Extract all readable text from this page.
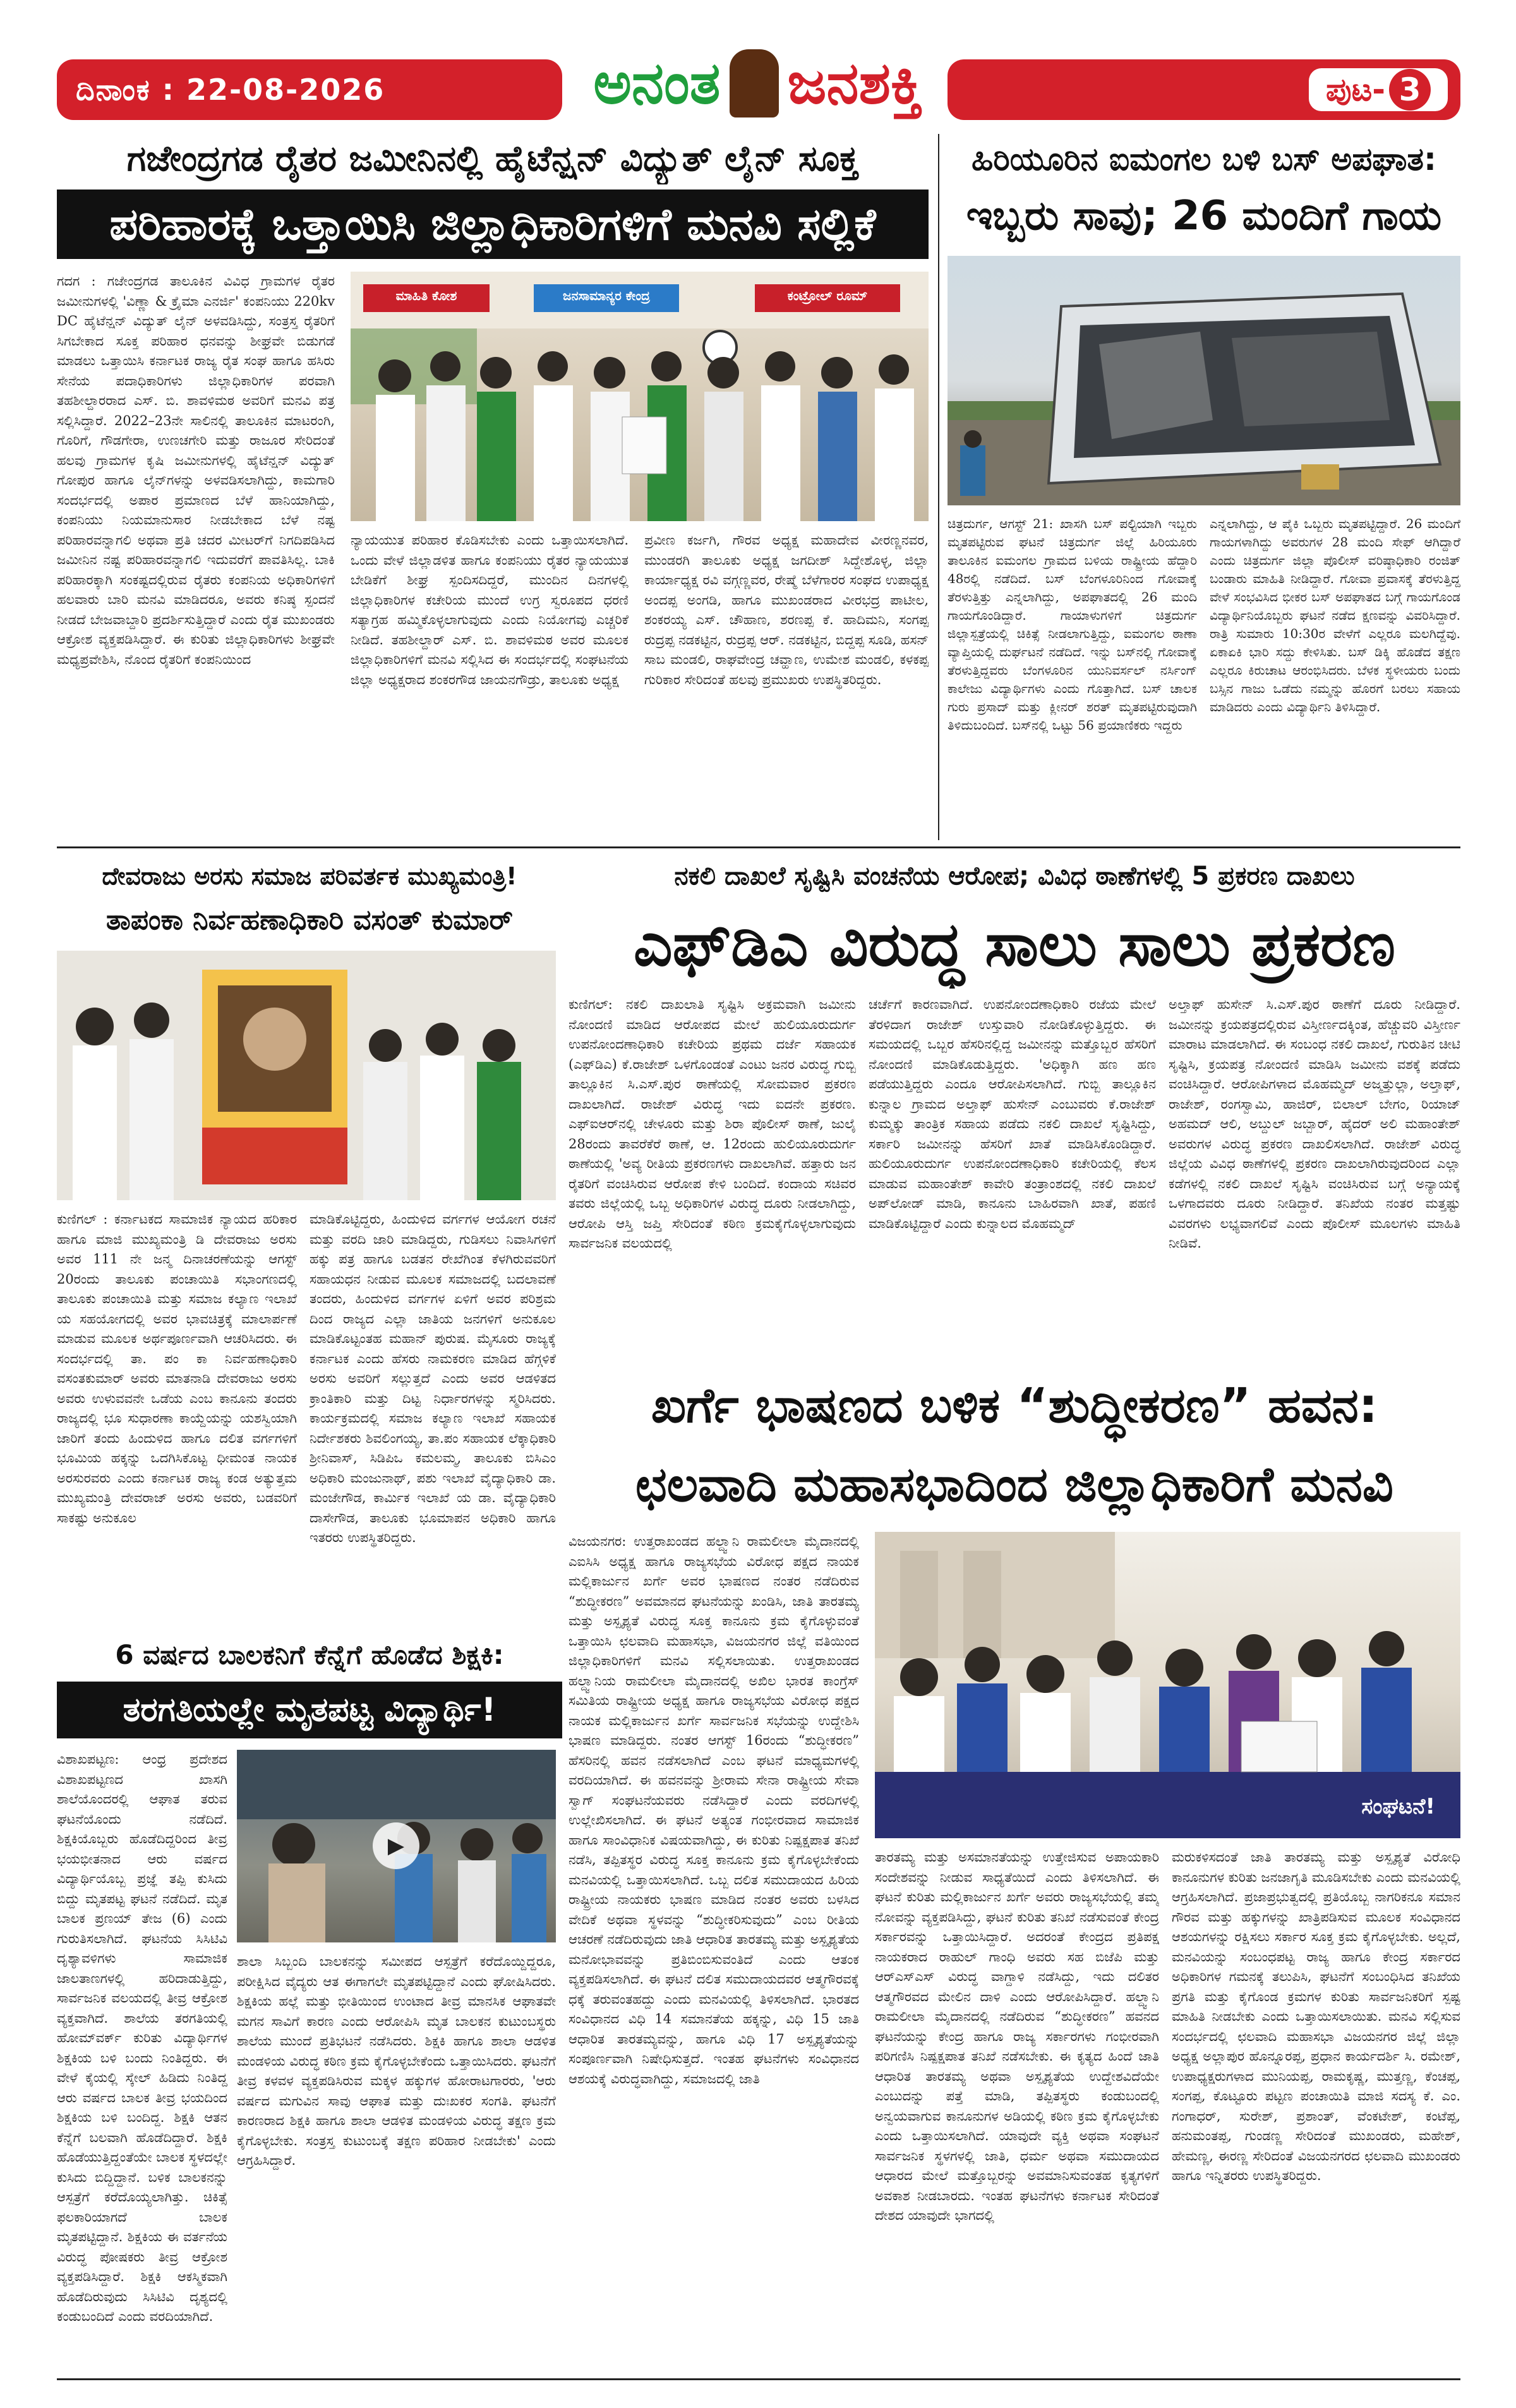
ದಿನಾಂಕ : 22-08-2026	ಅನಂತ ಜನಶಕ್ತಿ	ಪುಟ- 3
ಗಜೇಂದ್ರಗಡ ರೈತರ ಜಮೀನಿನಲ್ಲಿ ಹೈಟೆನ್ಷನ್ ವಿದ್ಯುತ್ ಲೈನ್ ಸೂಕ್ತ
ಪರಿಹಾರಕ್ಕೆ ಒತ್ತಾಯಿಸಿ ಜಿಲ್ಲಾಧಿಕಾರಿಗಳಿಗೆ ಮನವಿ ಸಲ್ಲಿಕೆ
ಗದಗ : ಗಜೇಂದ್ರಗಡ ತಾಲೂಕಿನ ವಿವಿಧ ಗ್ರಾಮಗಳ ರೈತರ ಜಮೀನುಗಳಲ್ಲಿ 'ವಿಣ್ಣಾ & ಕ್ರೈಮಾ ಎನರ್ಜಿ' ಕಂಪನಿಯು 220kv DC ಹೈಟೆನ್ಷನ್ ವಿದ್ಯುತ್ ಲೈನ್ ಅಳವಡಿಸಿದ್ದು, ಸಂತ್ರಸ್ತ ರೈತರಿಗೆ ಸಿಗಬೇಕಾದ ಸೂಕ್ತ ಪರಿಹಾರ ಧನವನ್ನು ಶೀಘ್ರವೇ ಬಿಡುಗಡೆ ಮಾಡಲು ಒತ್ತಾಯಿಸಿ ಕರ್ನಾಟಕ ರಾಜ್ಯ ರೈತ ಸಂಘ ಹಾಗೂ ಹಸಿರು ಸೇನೆಯ ಪದಾಧಿಕಾರಿಗಳು ಜಿಲ್ಲಾಧಿಕಾರಿಗಳ ಪರವಾಗಿ ತಹಶೀಲ್ದಾರರಾದ ಎಸ್. ಬಿ. ಶಾವಳಿಮಠ ಅವರಿಗೆ ಮನವಿ ಪತ್ರ ಸಲ್ಲಿಸಿದ್ದಾರೆ. 2022–23ನೇ ಸಾಲಿನಲ್ಲಿ ತಾಲೂಕಿನ ಮಾಟರಂಗಿ, ಗೊರಿಗೆ, ಗೌಡಗೇರಾ, ಉಣಚಗೇರಿ ಮತ್ತು ರಾಜೂರ ಸೇರಿದಂತೆ ಹಲವು ಗ್ರಾಮಗಳ ಕೃಷಿ ಜಮೀನುಗಳಲ್ಲಿ ಹೈಟೆನ್ಷನ್ ವಿದ್ಯುತ್ ಗೋಪುರ ಹಾಗೂ ಲೈನ್‌ಗಳನ್ನು ಅಳವಡಿಸಲಾಗಿದ್ದು, ಕಾಮಗಾರಿ ಸಂದರ್ಭದಲ್ಲಿ ಅಪಾರ ಪ್ರಮಾಣದ ಬೆಳೆ ಹಾನಿಯಾಗಿದ್ದು, ಕಂಪನಿಯು ನಿಯಮಾನುಸಾರ ನೀಡಬೇಕಾದ ಬೆಳೆ ನಷ್ಟ ಪರಿಹಾರವನ್ನಾಗಲಿ ಅಥವಾ ಪ್ರತಿ ಚದರ ಮೀಟರ್‌ಗೆ ನಿಗದಿಪಡಿಸಿದ ಜಮೀನಿನ ನಷ್ಟ ಪರಿಹಾರವನ್ನಾಗಲಿ ಇದುವರೆಗೆ ಪಾವತಿಸಿಲ್ಲ. ಬಾಕಿ ಪರಿಹಾರಕ್ಕಾಗಿ ಸಂಕಷ್ಟದಲ್ಲಿರುವ ರೈತರು ಕಂಪನಿಯ ಅಧಿಕಾರಿಗಳಿಗೆ ಹಲವಾರು ಬಾರಿ ಮನವಿ ಮಾಡಿದರೂ, ಅವರು ಕನಿಷ್ಠ ಸ್ಪಂದನೆ ನೀಡದೆ ಬೇಜವಾಬ್ದಾರಿ ಪ್ರದರ್ಶಿಸುತ್ತಿದ್ದಾರೆ ಎಂದು ರೈತ ಮುಖಂಡರು ಆಕ್ರೋಶ ವ್ಯಕ್ತಪಡಿಸಿದ್ದಾರೆ. ಈ ಕುರಿತು ಜಿಲ್ಲಾಧಿಕಾರಿಗಳು ಶೀಘ್ರವೇ ಮಧ್ಯಪ್ರವೇಶಿಸಿ, ನೊಂದ ರೈತರಿಗೆ ಕಂಪನಿಯಿಂದ
ಮಾಹಿತಿ ಕೋಶ	ಜನಸಾಮಾನ್ಯರ ಕೇಂದ್ರ	ಕಂಟ್ರೋಲ್ ರೂಮ್
ನ್ಯಾಯಯುತ ಪರಿಹಾರ ಕೊಡಿಸಬೇಕು ಎಂದು ಒತ್ತಾಯಿಸಲಾಗಿದೆ. ಒಂದು ವೇಳೆ ಜಿಲ್ಲಾಡಳಿತ ಹಾಗೂ ಕಂಪನಿಯು ರೈತರ ನ್ಯಾಯಯುತ ಬೇಡಿಕೆಗೆ ಶೀಘ್ರ ಸ್ಪಂದಿಸದಿದ್ದರೆ, ಮುಂದಿನ ದಿನಗಳಲ್ಲಿ ಜಿಲ್ಲಾಧಿಕಾರಿಗಳ ಕಚೇರಿಯ ಮುಂದೆ ಉಗ್ರ ಸ್ವರೂಪದ ಧರಣಿ ಸತ್ಯಾಗ್ರಹ ಹಮ್ಮಿಕೊಳ್ಳಲಾಗುವುದು ಎಂದು ನಿಯೋಗವು ಎಚ್ಚರಿಕೆ ನೀಡಿದೆ. ತಹಶೀಲ್ದಾರ್ ಎಸ್. ಬಿ. ಶಾವಳಿಮಠ ಅವರ ಮೂಲಕ ಜಿಲ್ಲಾಧಿಕಾರಿಗಳಿಗೆ ಮನವಿ ಸಲ್ಲಿಸಿದ ಈ ಸಂದರ್ಭದಲ್ಲಿ ಸಂಘಟನೆಯ ಜಿಲ್ಲಾ ಅಧ್ಯಕ್ಷರಾದ ಶಂಕರಗೌಡ ಜಾಯನಗೌಡ್ರು, ತಾಲೂಕು ಅಧ್ಯಕ್ಷ
ಪ್ರವೀಣ ಕರ್ಜಗಿ, ಗೌರವ ಅಧ್ಯಕ್ಷ ಮಹಾದೇವ ವೀರಣ್ಣನವರ, ಮುಂಡರಗಿ ತಾಲೂಕು ಅಧ್ಯಕ್ಷ ಜಗದೀಶ್ ಸಿದ್ದೇಶೊಳ್ಳ, ಜಿಲ್ಲಾ ಕಾರ್ಯಾಧ್ಯಕ್ಷ ರವಿ ವಗ್ಗಣ್ಣವರ, ರೇಷ್ಮೆ ಬೆಳೆಗಾರರ ಸಂಘದ ಉಪಾಧ್ಯಕ್ಷ ಅಂದಪ್ಪ ಅಂಗಡಿ, ಹಾಗೂ ಮುಖಂಡರಾದ ವೀರಭದ್ರ ಪಾಟೀಲ, ಶಂಕರಯ್ಯ ಎಸ್. ಚೌಹಾಣ, ಶರಣಪ್ಪ ಕೆ. ಹಾದಿಮನಿ, ಸಂಗಪ್ಪ ರುದ್ರಪ್ಪ ನಡಕಟ್ಟಿನ, ರುದ್ರಪ್ಪ ಆರ್. ನಡಕಟ್ಟಿನ, ಬಿದ್ದಪ್ಪ ಸೂಡಿ, ಹಸನ್ ಸಾಬ ಮಂಡಲಿ, ರಾಘವೇಂದ್ರ ಚವ್ಹಾಣ, ಉಮೇಶ ಮಂಡಲಿ, ಕಳಕಪ್ಪ ಗುರಿಕಾರ ಸೇರಿದಂತೆ ಹಲವು ಪ್ರಮುಖರು ಉಪಸ್ಥಿತರಿದ್ದರು.
ಹಿರಿಯೂರಿನ ಐಮಂಗಲ ಬಳಿ ಬಸ್ ಅಪಘಾತ:
ಇಬ್ಬರು ಸಾವು; 26 ಮಂದಿಗೆ ಗಾಯ
ಚಿತ್ರದುರ್ಗ, ಆಗಸ್ಟ್ 21: ಖಾಸಗಿ ಬಸ್ ಪಲ್ಟಿಯಾಗಿ ಇಬ್ಬರು ಮೃತಪಟ್ಟಿರುವ ಘಟನೆ ಚಿತ್ರದುರ್ಗ ಜಿಲ್ಲೆ ಹಿರಿಯೂರು ತಾಲೂಕಿನ ಐಮಂಗಲ ಗ್ರಾಮದ ಬಳಿಯ ರಾಷ್ಟ್ರೀಯ ಹೆದ್ದಾರಿ 48ರಲ್ಲಿ ನಡೆದಿದೆ. ಬಸ್ ಬೆಂಗಳೂರಿನಿಂದ ಗೋವಾಕ್ಕೆ ತೆರಳುತ್ತಿತ್ತು ಎನ್ನಲಾಗಿದ್ದು, ಅಪಘಾತದಲ್ಲಿ 26 ಮಂದಿ ಗಾಯಗೊಂಡಿದ್ದಾರೆ. ಗಾಯಾಳುಗಳಿಗೆ ಚಿತ್ರದುರ್ಗ ಜಿಲ್ಲಾಸ್ಪತ್ರೆಯಲ್ಲಿ ಚಿಕಿತ್ಸೆ ನೀಡಲಾಗುತ್ತಿದ್ದು, ಐಮಂಗಲ ಠಾಣಾ ವ್ಯಾಪ್ತಿಯಲ್ಲಿ ದುರ್ಘಟನೆ ನಡೆದಿದೆ. ಇನ್ನು ಬಸ್‌ನಲ್ಲಿ ಗೋವಾಕ್ಕೆ ತೆರಳುತ್ತಿದ್ದವರು ಬೆಂಗಳೂರಿನ ಯುನಿವರ್ಸಲ್ ನರ್ಸಿಂಗ್ ಕಾಲೇಜು ವಿದ್ಯಾರ್ಥಿಗಳು ಎಂದು ಗೊತ್ತಾಗಿದೆ. ಬಸ್ ಚಾಲಕ ಗುರು ಪ್ರಸಾದ್ ಮತ್ತು ಕ್ಲೀನರ್ ಶರತ್ ಮೃತಪಟ್ಟಿರುವುದಾಗಿ ತಿಳಿದುಬಂದಿದೆ. ಬಸ್‌ನಲ್ಲಿ ಒಟ್ಟು 56 ಪ್ರಯಾಣಿಕರು ಇದ್ದರು
ಎನ್ನಲಾಗಿದ್ದು, ಆ ಪೈಕಿ ಒಬ್ಬರು ಮೃತಪಟ್ಟಿದ್ದಾರೆ. 26 ಮಂದಿಗೆ ಗಾಯಗಳಾಗಿದ್ದು ಅವರುಗಳ 28 ಮಂದಿ ಸೇಫ್ ಆಗಿದ್ದಾರೆ ಎಂದು ಚಿತ್ರದುರ್ಗ ಜಿಲ್ಲಾ ಪೊಲೀಸ್ ವರಿಷ್ಠಾಧಿಕಾರಿ ರಂಜಿತ್ ಬಂಡಾರು ಮಾಹಿತಿ ನೀಡಿದ್ದಾರೆ. ಗೋವಾ ಪ್ರವಾಸಕ್ಕೆ ತೆರಳುತ್ತಿದ್ದ ವೇಳೆ ಸಂಭವಿಸಿದ ಭೀಕರ ಬಸ್ ಅಪಘಾತದ ಬಗ್ಗೆ ಗಾಯಗೊಂಡ ವಿದ್ಯಾರ್ಥಿನಿಯೊಬ್ಬರು ಘಟನೆ ನಡೆದ ಕ್ಷಣವನ್ನು ವಿವರಿಸಿದ್ದಾರೆ. ರಾತ್ರಿ ಸುಮಾರು 10:30ರ ವೇಳೆಗೆ ಎಲ್ಲರೂ ಮಲಗಿದ್ದೆವು. ಏಕಾಏಕಿ ಭಾರಿ ಸದ್ದು ಕೇಳಿಸಿತು. ಬಸ್ ಡಿಕ್ಕಿ ಹೊಡೆದ ತಕ್ಷಣ ಎಲ್ಲರೂ ಕಿರುಚಾಟ ಆರಂಭಿಸಿದರು. ಬೆಳಕ ಸ್ಥಳೀಯರು ಬಂದು ಬಸ್ಸಿನ ಗಾಜು ಒಡೆದು ನಮ್ಮನ್ನು ಹೊರಗೆ ಬರಲು ಸಹಾಯ ಮಾಡಿದರು ಎಂದು ವಿದ್ಯಾರ್ಥಿನಿ ತಿಳಿಸಿದ್ದಾರೆ.
ದೇವರಾಜು ಅರಸು ಸಮಾಜ ಪರಿವರ್ತಕ ಮುಖ್ಯಮಂತ್ರಿ!
ತಾಪಂಕಾ ನಿರ್ವಹಣಾಧಿಕಾರಿ ವಸಂತ್ ಕುಮಾರ್
ಕುಣಿಗಲ್ : ಕರ್ನಾಟಕದ ಸಾಮಾಜಿಕ ನ್ಯಾಯದ ಹರಿಕಾರ ಹಾಗೂ ಮಾಜಿ ಮುಖ್ಯಮಂತ್ರಿ ಡಿ ದೇವರಾಜು ಅರಸು ಅವರ 111 ನೇ ಜನ್ಮ ದಿನಾಚರಣೆಯನ್ನು ಆಗಸ್ಟ್ 20ರಂದು ತಾಲೂಕು ಪಂಚಾಯಿತಿ ಸಭಾಂಗಣದಲ್ಲಿ ತಾಲೂಕು ಪಂಚಾಯಿತಿ ಮತ್ತು ಸಮಾಜ ಕಲ್ಯಾಣ ಇಲಾಖೆ ಯ ಸಹಯೋಗದಲ್ಲಿ ಅವರ ಭಾವಚಿತ್ರಕ್ಕೆ ಮಾಲಾರ್ಪಣೆ ಮಾಡುವ ಮೂಲಕ ಅರ್ಥಪೂರ್ಣವಾಗಿ ಆಚರಿಸಿದರು. ಈ ಸಂದರ್ಭದಲ್ಲಿ ತಾ. ಪಂ ಕಾ ನಿರ್ವಹಣಾಧಿಕಾರಿ ವಸಂತಕುಮಾರ್ ಅವರು ಮಾತನಾಡಿ ದೇವರಾಜು ಅರಸು ಅವರು ಉಳುವವನೇ ಒಡೆಯ ಎಂಬ ಕಾನೂನು ತಂದರು ರಾಜ್ಯದಲ್ಲಿ ಭೂ ಸುಧಾರಣಾ ಕಾಯ್ದೆಯನ್ನು ಯಶಸ್ವಿಯಾಗಿ ಜಾರಿಗೆ ತಂದು ಹಿಂದುಳಿದ ಹಾಗೂ ದಲಿತ ವರ್ಗಗಳಿಗೆ ಭೂಮಿಯ ಹಕ್ಕನ್ನು ಒದಗಿಸಿಕೊಟ್ಟ ಧೀಮಂತ ನಾಯಕ ಅರಸುರವರು ಎಂದು ಕರ್ನಾಟಕ ರಾಜ್ಯ ಕಂಡ ಅತ್ಯುತ್ತಮ ಮುಖ್ಯಮಂತ್ರಿ ದೇವರಾಜ್ ಅರಸು ಅವರು, ಬಡವರಿಗೆ ಸಾಕಷ್ಟು ಅನುಕೂಲ
ಮಾಡಿಕೊಟ್ಟಿದ್ದರು, ಹಿಂದುಳಿದ ವರ್ಗಗಳ ಆಯೋಗ ರಚನೆ ಮತ್ತು ವರದಿ ಜಾರಿ ಮಾಡಿದ್ದರು, ಗುಡಿಸಲು ನಿವಾಸಿಗಳಿಗೆ ಹಕ್ಕು ಪತ್ರ ಹಾಗೂ ಬಡತನ ರೇಖೆಗಿಂತ ಕೆಳಗಿರುವವರಿಗೆ ಸಹಾಯಧನ ನೀಡುವ ಮೂಲಕ ಸಮಾಜದಲ್ಲಿ ಬದಲಾವಣೆ ತಂದರು, ಹಿಂದುಳಿದ ವರ್ಗಗಳ ಏಳಿಗೆ ಅವರ ಪರಿಶ್ರಮ ದಿಂದ ರಾಜ್ಯದ ಎಲ್ಲಾ ಜಾತಿಯ ಜನಗಳಿಗೆ ಅನುಕೂಲ ಮಾಡಿಕೊಟ್ಟಂತಹ ಮಹಾನ್ ಪುರುಷ. ಮೈಸೂರು ರಾಜ್ಯಕ್ಕೆ ಕರ್ನಾಟಕ ಎಂದು ಹೆಸರು ನಾಮಕರಣ ಮಾಡಿದ ಹೆಗ್ಗಳಿಕೆ ಅರಸು ಅವರಿಗೆ ಸಲ್ಲುತ್ತದೆ ಎಂದು ಅವರ ಆಡಳಿತದ ಕ್ರಾಂತಿಕಾರಿ ಮತ್ತು ದಿಟ್ಟ ನಿರ್ಧಾರಗಳನ್ನು ಸ್ಮರಿಸಿದರು. ಕಾರ್ಯಕ್ರಮದಲ್ಲಿ ಸಮಾಜ ಕಲ್ಯಾಣ ಇಲಾಖೆ ಸಹಾಯಕ ನಿರ್ದೇಶಕರು ಶಿವಲಿಂಗಯ್ಯ, ತಾ.ಪಂ ಸಹಾಯಕ ಲೆಕ್ಕಾಧಿಕಾರಿ ಶ್ರೀನಿವಾಸ್, ಸಿಡಿಪಿಒ ಕಮಲಮ್ಮ, ತಾಲೂಕು ಬಿಸಿಎಂ ಅಧಿಕಾರಿ ಮಂಜುನಾಥ್, ಪಶು ಇಲಾಖೆ ವೈದ್ಯಾಧಿಕಾರಿ ಡಾ. ಮಂಜೇಗೌಡ, ಕಾರ್ಮಿಕ ಇಲಾಖೆ ಯ ಡಾ. ವೈದ್ಯಾಧಿಕಾರಿ ದಾಸೇಗೌಡ, ತಾಲೂಕು ಭೂಮಾಪನ ಅಧಿಕಾರಿ ಹಾಗೂ ಇತರರು ಉಪಸ್ಥಿತರಿದ್ದರು.
ನಕಲಿ ದಾಖಲೆ ಸೃಷ್ಟಿಸಿ ವಂಚನೆಯ ಆರೋಪ; ವಿವಿಧ ಠಾಣೆಗಳಲ್ಲಿ 5 ಪ್ರಕರಣ ದಾಖಲು
ಎಫ್‌ಡಿಎ ವಿರುದ್ಧ ಸಾಲು ಸಾಲು ಪ್ರಕರಣ
ಕುಣಿಗಲ್: ನಕಲಿ ದಾಖಲಾತಿ ಸೃಷ್ಟಿಸಿ ಅಕ್ರಮವಾಗಿ ಜಮೀನು ನೋಂದಣಿ ಮಾಡಿದ ಆರೋಪದ ಮೇಲೆ ಹುಲಿಯೂರುದುರ್ಗ ಉಪನೋಂದಣಾಧಿಕಾರಿ ಕಚೇರಿಯ ಪ್ರಥಮ ದರ್ಜೆ ಸಹಾಯಕ (ಎಫ್‌ಡಿಎ) ಕೆ.ರಾಜೇಶ್ ಒಳಗೊಂಡಂತೆ ಎಂಟು ಜನರ ವಿರುದ್ಧ ಗುಬ್ಬಿ ತಾಲ್ಲೂಕಿನ ಸಿ.ಎಸ್.ಪುರ ಠಾಣೆಯಲ್ಲಿ ಸೋಮವಾರ ಪ್ರಕರಣ ದಾಖಲಾಗಿದೆ. ರಾಜೇಶ್ ವಿರುದ್ಧ ಇದು ಐದನೇ ಪ್ರಕರಣ. ಎಫ್ಐಆರ್‌ನಲ್ಲಿ ಚೇಳೂರು ಮತ್ತು ಶಿರಾ ಪೊಲೀಸ್ ಠಾಣೆ, ಜುಲೈ 28ರಂದು ತಾವರೆಕೆರೆ ಠಾಣೆ, ಆ. 12ರಂದು ಹುಲಿಯೂರುದುರ್ಗ ಠಾಣೆಯಲ್ಲಿ 'ಅವ್ಯ ರೀತಿಯ ಪ್ರಕರಣಗಳು ದಾಖಲಾಗಿವೆ. ಹತ್ತಾರು ಜನ ರೈತರಿಗೆ ವಂಚಿಸಿರುವ ಆರೋಪ ಕೇಳಿ ಬಂದಿದೆ. ಕಂದಾಯ ಸಚಿವರ ತವರು ಜಿಲ್ಲೆಯಲ್ಲಿ ಒಬ್ಬ ಅಧಿಕಾರಿಗಳ ವಿರುದ್ಧ ದೂರು ನೀಡಲಾಗಿದ್ದು, ಆರೋಪಿ ಆಸ್ತಿ ಜಪ್ತಿ ಸೇರಿದಂತೆ ಕಠಿಣ ಕ್ರಮಕೈಗೊಳ್ಳಲಾಗುವುದು ಸಾರ್ವಜನಿಕ ವಲಯದಲ್ಲಿ
ಚರ್ಚೆಗೆ ಕಾರಣವಾಗಿದೆ. ಉಪನೋಂದಣಾಧಿಕಾರಿ ರಜೆಯ ಮೇಲೆ ತೆರಳಿದಾಗ ರಾಜೇಶ್ ಉಸ್ತುವಾರಿ ನೋಡಿಕೊಳ್ಳುತ್ತಿದ್ದರು. ಈ ಸಮಯದಲ್ಲಿ ಒಬ್ಬರ ಹೆಸರಿನಲ್ಲಿದ್ದ ಜಮೀನನ್ನು ಮತ್ತೊಬ್ಬರ ಹೆಸರಿಗೆ ನೋಂದಣಿ ಮಾಡಿಕೊಡುತ್ತಿದ್ದರು. 'ಅಧಿಕ್ಕಾಗಿ ಹಣ ಹಣ ಪಡೆಯುತ್ತಿದ್ದರು ಎಂದೂ ಆರೋಪಿಸಲಾಗಿದೆ. ಗುಬ್ಬಿ ತಾಲ್ಲೂಕಿನ ಕುನ್ನಾಲ ಗ್ರಾಮದ ಅಲ್ತಾಫ್ ಹುಸೇನ್ ಎಂಬುವರು ಕೆ.ರಾಜೇಶ್ ಕುಮ್ಮಕ್ಕು ತಾಂತ್ರಿಕ ಸಹಾಯ ಪಡೆದು ನಕಲಿ ದಾಖಲೆ ಸೃಷ್ಟಿಸಿದ್ದು, ಸರ್ಕಾರಿ ಜಮೀನನ್ನು ಹೆಸರಿಗೆ ಖಾತೆ ಮಾಡಿಸಿಕೊಂಡಿದ್ದಾರೆ. ಹುಲಿಯೂರುದುರ್ಗ ಉಪನೋಂದಣಾಧಿಕಾರಿ ಕಚೇರಿಯಲ್ಲಿ ಕೆಲಸ ಮಾಡುವ ಮಹಾಂತೇಶ್ ಕಾವೇರಿ ತಂತ್ರಾಂಶದಲ್ಲಿ ನಕಲಿ ದಾಖಲೆ ಅಪ್‌ಲೋಡ್ ಮಾಡಿ, ಕಾನೂನು ಬಾಹಿರವಾಗಿ ಖಾತೆ, ಪಹಣಿ ಮಾಡಿಕೊಟ್ಟಿದ್ದಾರೆ ಎಂದು ಕುನ್ನಾಲದ ಮೊಹಮ್ಮದ್
ಅಲ್ತಾಫ್ ಹುಸೇನ್ ಸಿ.ಎಸ್.ಪುರ ಠಾಣೆಗೆ ದೂರು ನೀಡಿದ್ದಾರೆ. ಜಮೀನನ್ನು ಕ್ರಯಪತ್ರದಲ್ಲಿರುವ ವಿಸ್ತೀರ್ಣದಕ್ಕಿಂತ, ಹೆಚ್ಚುವರಿ ವಿಸ್ತೀರ್ಣ ಮಾರಾಟ ಮಾಡಲಾಗಿದೆ. ಈ ಸಂಬಂಧ ನಕಲಿ ದಾಖಲೆ, ಗುರುತಿನ ಚೀಟಿ ಸೃಷ್ಟಿಸಿ, ಕ್ರಯಪತ್ರ ನೋಂದಣಿ ಮಾಡಿಸಿ ಜಮೀನು ವಶಕ್ಕೆ ಪಡೆದು ವಂಚಿಸಿದ್ದಾರೆ. ಆರೋಪಿಗಳಾದ ಮೊಹಮ್ಮದ್ ಅಜ್ಮತ್ತುಲ್ಲಾ, ಅಲ್ತಾಫ್, ರಾಜೇಶ್, ರಂಗಸ್ವಾಮಿ, ಹಾಜಿರ್, ಬಿಲಾಲ್ ಬೇಗಂ, ರಿಯಾಜ್ ಅಹಮದ್ ಆಲಿ, ಅಬ್ದುಲ್ ಜಬ್ಬಾರ್, ಹೈದರ್ ಅಲಿ ಮಹಾಂತೇಶ್ ಅವರುಗಳ ವಿರುದ್ಧ ಪ್ರಕರಣ ದಾಖಲಿಸಲಾಗಿದೆ. ರಾಜೇಶ್ ವಿರುದ್ಧ ಜಿಲ್ಲೆಯ ವಿವಿಧ ಠಾಣೆಗಳಲ್ಲಿ ಪ್ರಕರಣ ದಾಖಲಾಗಿರುವುದರಿಂದ ಎಲ್ಲಾ ಕಡೆಗಳಲ್ಲಿ ನಕಲಿ ದಾಖಲೆ ಸೃಷ್ಟಿಸಿ ವಂಚಿಸಿರುವ ಬಗ್ಗೆ ಅನ್ಯಾಯಕ್ಕೆ ಒಳಗಾದವರು ದೂರು ನೀಡಿದ್ದಾರೆ. ತನಿಖೆಯ ನಂತರ ಮತ್ತಷ್ಟು ವಿವರಗಳು ಲಭ್ಯವಾಗಲಿವೆ ಎಂದು ಪೊಲೀಸ್ ಮೂಲಗಳು ಮಾಹಿತಿ ನೀಡಿವೆ.
ಖರ್ಗೆ ಭಾಷಣದ ಬಳಿಕ “ಶುದ್ಧೀಕರಣ” ಹವನ:
ಛಲವಾದಿ ಮಹಾಸಭಾದಿಂದ ಜಿಲ್ಲಾಧಿಕಾರಿಗೆ ಮನವಿ
ವಿಜಯನಗರ: ಉತ್ತರಾಖಂಡದ ಹಲ್ದ್ವಾನಿ ರಾಮಲೀಲಾ ಮೈದಾನದಲ್ಲಿ ಎಐಸಿಸಿ ಅಧ್ಯಕ್ಷ ಹಾಗೂ ರಾಜ್ಯಸಭೆಯ ವಿರೋಧ ಪಕ್ಷದ ನಾಯಕ ಮಲ್ಲಿಕಾರ್ಜುನ ಖರ್ಗೆ ಅವರ ಭಾಷಣದ ನಂತರ ನಡೆದಿರುವ “ಶುದ್ಧೀಕರಣ” ಅವಮಾನದ ಘಟನೆಯನ್ನು ಖಂಡಿಸಿ, ಜಾತಿ ತಾರತಮ್ಯ ಮತ್ತು ಅಸ್ಪೃಶ್ಯತೆ ವಿರುದ್ಧ ಸೂಕ್ತ ಕಾನೂನು ಕ್ರಮ ಕೈಗೊಳ್ಳುವಂತೆ ಒತ್ತಾಯಿಸಿ ಛಲವಾದಿ ಮಹಾಸಭಾ, ವಿಜಯನಗರ ಜಿಲ್ಲೆ ವತಿಯಿಂದ ಜಿಲ್ಲಾಧಿಕಾರಿಗಳಿಗೆ ಮನವಿ ಸಲ್ಲಿಸಲಾಯಿತು. ಉತ್ತರಾಖಂಡದ ಹಲ್ದ್ವಾನಿಯ ರಾಮಲೀಲಾ ಮೈದಾನದಲ್ಲಿ ಅಖಿಲ ಭಾರತ ಕಾಂಗ್ರೆಸ್ ಸಮಿತಿಯ ರಾಷ್ಟ್ರೀಯ ಅಧ್ಯಕ್ಷ ಹಾಗೂ ರಾಜ್ಯಸಭೆಯ ವಿರೋಧ ಪಕ್ಷದ ನಾಯಕ ಮಲ್ಲಿಕಾರ್ಜುನ ಖರ್ಗೆ ಸಾರ್ವಜನಿಕ ಸಭೆಯನ್ನು ಉದ್ದೇಶಿಸಿ ಭಾಷಣ ಮಾಡಿದ್ದರು. ನಂತರ ಆಗಸ್ಟ್ 16ರಂದು “ಶುದ್ಧೀಕರಣ” ಹೆಸರಿನಲ್ಲಿ ಹವನ ನಡೆಸಲಾಗಿದೆ ಎಂಬ ಘಟನೆ ಮಾಧ್ಯಮಗಳಲ್ಲಿ ವರದಿಯಾಗಿದೆ. ಈ ಹವನವನ್ನು ಶ್ರೀರಾಮ ಸೇನಾ ರಾಷ್ಟ್ರೀಯ ಸೇವಾ ಸ್ವಾಗ್ ಸಂಘಟನೆಯವರು ನಡೆಸಿದ್ದಾರೆ ಎಂದು ವರದಿಗಳಲ್ಲಿ ಉಲ್ಲೇಖಿಸಲಾಗಿದೆ. ಈ ಘಟನೆ ಅತ್ಯಂತ ಗಂಭೀರವಾದ ಸಾಮಾಜಿಕ ಹಾಗೂ ಸಾಂವಿಧಾನಿಕ ವಿಷಯವಾಗಿದ್ದು, ಈ ಕುರಿತು ನಿಷ್ಪಕ್ಷಪಾತ ತನಿಖೆ ನಡೆಸಿ, ತಪ್ಪಿತಸ್ಥರ ವಿರುದ್ಧ ಸೂಕ್ತ ಕಾನೂನು ಕ್ರಮ ಕೈಗೊಳ್ಳಬೇಕೆಂದು ಮನವಿಯಲ್ಲಿ ಒತ್ತಾಯಿಸಲಾಗಿದೆ. ಒಬ್ಬ ದಲಿತ ಸಮುದಾಯದ ಹಿರಿಯ ರಾಷ್ಟ್ರೀಯ ನಾಯಕರು ಭಾಷಣ ಮಾಡಿದ ನಂತರ ಅವರು ಬಳಸಿದ ವೇದಿಕೆ ಅಥವಾ ಸ್ಥಳವನ್ನು “ಶುದ್ಧೀಕರಿಸುವುದು” ಎಂಬ ರೀತಿಯ ಆಚರಣೆ ನಡೆದಿರುವುದು ಜಾತಿ ಆಧಾರಿತ ತಾರತಮ್ಯ ಮತ್ತು ಅಸ್ಪೃಶ್ಯತೆಯ ಮನೋಭಾವವನ್ನು ಪ್ರತಿಬಿಂಬಿಸುವಂತಿದೆ ಎಂದು ಆತಂಕ ವ್ಯಕ್ತಪಡಿಸಲಾಗಿದೆ. ಈ ಘಟನೆ ದಲಿತ ಸಮುದಾಯದವರ ಆತ್ಮಗೌರವಕ್ಕೆ ಧಕ್ಕೆ ತರುವಂತಹದ್ದು ಎಂದು ಮನವಿಯಲ್ಲಿ ತಿಳಿಸಲಾಗಿದೆ. ಭಾರತದ ಸಂವಿಧಾನದ ವಿಧಿ 14 ಸಮಾನತೆಯ ಹಕ್ಕನ್ನು, ವಿಧಿ 15 ಜಾತಿ ಆಧಾರಿತ ತಾರತಮ್ಯವನ್ನು, ಹಾಗೂ ವಿಧಿ 17 ಅಸ್ಪೃಶ್ಯತೆಯನ್ನು ಸಂಪೂರ್ಣವಾಗಿ ನಿಷೇಧಿಸುತ್ತದೆ. ಇಂತಹ ಘಟನೆಗಳು ಸಂವಿಧಾನದ ಆಶಯಕ್ಕೆ ವಿರುದ್ಧವಾಗಿದ್ದು, ಸಮಾಜದಲ್ಲಿ ಜಾತಿ
ಸಂಘಟನೆ!
ತಾರತಮ್ಯ ಮತ್ತು ಅಸಮಾನತೆಯನ್ನು ಉತ್ತೇಜಿಸುವ ಅಪಾಯಕಾರಿ ಸಂದೇಶವನ್ನು ನೀಡುವ ಸಾಧ್ಯತೆಯಿದೆ ಎಂದು ತಿಳಿಸಲಾಗಿದೆ. ಈ ಘಟನೆ ಕುರಿತು ಮಲ್ಲಿಕಾರ್ಜುನ ಖರ್ಗೆ ಅವರು ರಾಜ್ಯಸಭೆಯಲ್ಲಿ ತಮ್ಮ ನೋವನ್ನು ವ್ಯಕ್ತಪಡಿಸಿದ್ದು, ಘಟನೆ ಕುರಿತು ತನಿಖೆ ನಡೆಸುವಂತೆ ಕೇಂದ್ರ ಸರ್ಕಾರವನ್ನು ಒತ್ತಾಯಿಸಿದ್ದಾರೆ. ಅದರಂತೆ ಕೇಂದ್ರದ ಪ್ರತಿಪಕ್ಷ ನಾಯಕರಾದ ರಾಹುಲ್ ಗಾಂಧಿ ಅವರು ಸಹ ಬಿಜೆಪಿ ಮತ್ತು ಆರ್‌ಎಸ್‌ಎಸ್ ವಿರುದ್ಧ ವಾಗ್ದಾಳಿ ನಡೆಸಿದ್ದು, ಇದು ದಲಿತರ ಆತ್ಮಗೌರವದ ಮೇಲಿನ ದಾಳಿ ಎಂದು ಆರೋಪಿಸಿದ್ದಾರೆ. ಹಲ್ದ್ವಾನಿ ರಾಮಲೀಲಾ ಮೈದಾನದಲ್ಲಿ ನಡೆದಿರುವ “ಶುದ್ಧೀಕರಣ” ಹವನದ ಘಟನೆಯನ್ನು ಕೇಂದ್ರ ಹಾಗೂ ರಾಜ್ಯ ಸರ್ಕಾರಗಳು ಗಂಭೀರವಾಗಿ ಪರಿಗಣಿಸಿ ನಿಷ್ಪಕ್ಷಪಾತ ತನಿಖೆ ನಡೆಸಬೇಕು. ಈ ಕೃತ್ಯದ ಹಿಂದೆ ಜಾತಿ ಆಧಾರಿತ ತಾರತಮ್ಯ ಅಥವಾ ಅಸ್ಪೃಶ್ಯತೆಯ ಉದ್ದೇಶವಿದೆಯೇ ಎಂಬುದನ್ನು ಪತ್ತೆ ಮಾಡಿ, ತಪ್ಪಿತಸ್ಥರು ಕಂಡುಬಂದಲ್ಲಿ ಅನ್ವಯವಾಗುವ ಕಾನೂನುಗಳ ಅಡಿಯಲ್ಲಿ ಕಠಿಣ ಕ್ರಮ ಕೈಗೊಳ್ಳಬೇಕು ಎಂದು ಒತ್ತಾಯಿಸಲಾಗಿದೆ. ಯಾವುದೇ ವ್ಯಕ್ತಿ ಅಥವಾ ಸಂಘಟನೆ ಸಾರ್ವಜನಿಕ ಸ್ಥಳಗಳಲ್ಲಿ ಜಾತಿ, ಧರ್ಮ ಅಥವಾ ಸಮುದಾಯದ ಆಧಾರದ ಮೇಲೆ ಮತ್ತೊಬ್ಬರನ್ನು ಅವಮಾನಿಸುವಂತಹ ಕೃತ್ಯಗಳಿಗೆ ಅವಕಾಶ ನೀಡಬಾರದು. ಇಂತಹ ಘಟನೆಗಳು ಕರ್ನಾಟಕ ಸೇರಿದಂತೆ ದೇಶದ ಯಾವುದೇ ಭಾಗದಲ್ಲಿ
ಮರುಕಳಿಸದಂತೆ ಜಾತಿ ತಾರತಮ್ಯ ಮತ್ತು ಅಸ್ಪೃಶ್ಯತೆ ವಿರೋಧಿ ಕಾನೂನುಗಳ ಕುರಿತು ಜನಜಾಗೃತಿ ಮೂಡಿಸಬೇಕು ಎಂದು ಮನವಿಯಲ್ಲಿ ಆಗ್ರಹಿಸಲಾಗಿದೆ. ಪ್ರಜಾಪ್ರಭುತ್ವದಲ್ಲಿ ಪ್ರತಿಯೊಬ್ಬ ನಾಗರಿಕನೂ ಸಮಾನ ಗೌರವ ಮತ್ತು ಹಕ್ಕುಗಳನ್ನು ಖಾತ್ರಿಪಡಿಸುವ ಮೂಲಕ ಸಂವಿಧಾನದ ಆಶಯಗಳನ್ನು ರಕ್ಷಿಸಲು ಸರ್ಕಾರ ಸೂಕ್ತ ಕ್ರಮ ಕೈಗೊಳ್ಳಬೇಕು. ಅಲ್ಲದೆ, ಮನವಿಯನ್ನು ಸಂಬಂಧಪಟ್ಟ ರಾಜ್ಯ ಹಾಗೂ ಕೇಂದ್ರ ಸರ್ಕಾರದ ಅಧಿಕಾರಿಗಳ ಗಮನಕ್ಕೆ ತಲುಪಿಸಿ, ಘಟನೆಗೆ ಸಂಬಂಧಿಸಿದ ತನಿಖೆಯ ಪ್ರಗತಿ ಮತ್ತು ಕೈಗೊಂಡ ಕ್ರಮಗಳ ಕುರಿತು ಸಾರ್ವಜನಿಕರಿಗೆ ಸ್ಪಷ್ಟ ಮಾಹಿತಿ ನೀಡಬೇಕು ಎಂದು ಒತ್ತಾಯಿಸಲಾಯಿತು. ಮನವಿ ಸಲ್ಲಿಸುವ ಸಂದರ್ಭದಲ್ಲಿ ಛಲವಾದಿ ಮಹಾಸಭಾ ವಿಜಯನಗರ ಜಿಲ್ಲೆ ಜಿಲ್ಲಾ ಅಧ್ಯಕ್ಷ ಅಲ್ಲಾಪುರ ಹೊನ್ನೂರಪ್ಪ, ಪ್ರಧಾನ ಕಾರ್ಯದರ್ಶಿ ಸಿ. ರಮೇಶ್, ಉಪಾಧ್ಯಕ್ಷರುಗಳಾದ ಮುನಿಯಪ್ಪ, ರಾಮಕೃಷ್ಣ, ಮುತ್ತಣ್ಣ, ಕೆಂಚಪ್ಪ, ಸಂಗಪ್ಪ, ಕೊಟ್ಟೂರು ಪಟ್ಟಣ ಪಂಚಾಯಿತಿ ಮಾಜಿ ಸದಸ್ಯ ಕೆ. ಎಂ. ಗಂಗಾಧರ್, ಸುರೇಶ್, ಪ್ರಶಾಂತ್, ವೆಂಕಟೇಶ್, ಕಂಟೆಪ್ಪ, ಹನುಮಂತಪ್ಪ, ಗುಂಡಣ್ಣ ಸೇರಿದಂತೆ ಮುಖಂಡರು, ಮಹೇಶ್, ಹೇಮಣ್ಣ, ಈರಣ್ಣ ಸೇರಿದಂತೆ ವಿಜಯನಗರದ ಛಲವಾದಿ ಮುಖಂಡರು ಹಾಗೂ ಇನ್ನಿತರರು ಉಪಸ್ಥಿತರಿದ್ದರು.
6 ವರ್ಷದ ಬಾಲಕನಿಗೆ ಕೆನ್ನೆಗೆ ಹೊಡೆದ ಶಿಕ್ಷಕಿ:
ತರಗತಿಯಲ್ಲೇ ಮೃತಪಟ್ಟ ವಿದ್ಯಾರ್ಥಿ!
ವಿಶಾಖಪಟ್ಟಣ: ಆಂಧ್ರ ಪ್ರದೇಶದ ವಿಶಾಖಪಟ್ಟಣದ ಖಾಸಗಿ ಶಾಲೆಯೊಂದರಲ್ಲಿ ಆಘಾತ ತರುವ ಘಟನೆಯೊಂದು ನಡೆದಿದೆ. ಶಿಕ್ಷಕಿಯೊಬ್ಬರು ಹೊಡೆದಿದ್ದರಿಂದ ತೀವ್ರ ಭಯಭೀತನಾದ ಆರು ವರ್ಷದ ವಿದ್ಯಾರ್ಥಿಯೊಬ್ಬ ಪ್ರಜ್ಞೆ ತಪ್ಪಿ ಕುಸಿದು ಬಿದ್ದು ಮೃತಪಟ್ಟ ಘಟನೆ ನಡೆದಿದೆ. ಮೃತ ಬಾಲಕ ಪ್ರಣಯ್ ತೇಜ (6) ಎಂದು ಗುರುತಿಸಲಾಗಿದೆ. ಘಟನೆಯ ಸಿಸಿಟಿವಿ ದೃಶ್ಯಾವಳಿಗಳು ಸಾಮಾಜಿಕ ಜಾಲತಾಣಗಳಲ್ಲಿ ಹರಿದಾಡುತ್ತಿದ್ದು, ಸಾರ್ವಜನಿಕ ವಲಯದಲ್ಲಿ ತೀವ್ರ ಆಕ್ರೋಶ ವ್ಯಕ್ತವಾಗಿದೆ. ಶಾಲೆಯ ತರಗತಿಯಲ್ಲಿ ಹೋಮ್‌ವರ್ಕ್ ಕುರಿತು ವಿದ್ಯಾರ್ಥಿಗಳ ಶಿಕ್ಷಕಿಯ ಬಳಿ ಬಂದು ನಿಂತಿದ್ದರು. ಈ ವೇಳೆ ಕೈಯಲ್ಲಿ ಸ್ಕೇಲ್ ಹಿಡಿದು ನಿಂತಿದ್ದ ಆರು ವರ್ಷದ ಬಾಲಕ ತೀವ್ರ ಭಯದಿಂದ ಶಿಕ್ಷಕಿಯ ಬಳಿ ಬಂದಿದ್ದ. ಶಿಕ್ಷಕಿ ಆತನ ಕೆನ್ನೆಗೆ ಬಲವಾಗಿ ಹೊಡೆದಿದ್ದಾರೆ. ಶಿಕ್ಷಕಿ ಹೊಡೆಯುತ್ತಿದ್ದಂತೆಯೇ ಬಾಲಕ ಸ್ಥಳದಲ್ಲೇ ಕುಸಿದು ಬಿದ್ದಿದ್ದಾನೆ. ಬಳಿಕ ಬಾಲಕನನ್ನು ಆಸ್ಪತ್ರೆಗೆ ಕರೆದೊಯ್ಯಲಾಗಿತ್ತು. ಚಿಕಿತ್ಸೆ ಫಲಕಾರಿಯಾಗದೆ ಬಾಲಕ ಮೃತಪಟ್ಟಿದ್ದಾನೆ. ಶಿಕ್ಷಕಿಯ ಈ ವರ್ತನೆಯ ವಿರುದ್ಧ ಪೋಷಕರು ತೀವ್ರ ಆಕ್ರೋಶ ವ್ಯಕ್ತಪಡಿಸಿದ್ದಾರೆ. ಶಿಕ್ಷಕಿ ಆಕಸ್ಮಿಕವಾಗಿ ಹೊಡೆದಿರುವುದು ಸಿಸಿಟಿವಿ ದೃಶ್ಯದಲ್ಲಿ ಕಂಡುಬಂದಿದೆ ಎಂದು ವರದಿಯಾಗಿದೆ.
▶
ಶಾಲಾ ಸಿಬ್ಬಂದಿ ಬಾಲಕನನ್ನು ಸಮೀಪದ ಆಸ್ಪತ್ರೆಗೆ ಕರೆದೊಯ್ದಿದ್ದರೂ, ಪರೀಕ್ಷಿಸಿದ ವೈದ್ಯರು ಆತ ಈಗಾಗಲೇ ಮೃತಪಟ್ಟಿದ್ದಾನೆ ಎಂದು ಘೋಷಿಸಿದರು. ಶಿಕ್ಷಕಿಯ ಹಲ್ಲೆ ಮತ್ತು ಭೀತಿಯಿಂದ ಉಂಟಾದ ತೀವ್ರ ಮಾನಸಿಕ ಆಘಾತವೇ ಮಗನ ಸಾವಿಗೆ ಕಾರಣ ಎಂದು ಆರೋಪಿಸಿ ಮೃತ ಬಾಲಕನ ಕುಟುಂಬಸ್ಥರು ಶಾಲೆಯ ಮುಂದೆ ಪ್ರತಿಭಟನೆ ನಡೆಸಿದರು. ಶಿಕ್ಷಕಿ ಹಾಗೂ ಶಾಲಾ ಆಡಳಿತ ಮಂಡಳಿಯ ವಿರುದ್ಧ ಕಠಿಣ ಕ್ರಮ ಕೈಗೊಳ್ಳಬೇಕೆಂದು ಒತ್ತಾಯಿಸಿದರು. ಘಟನೆಗೆ ತೀವ್ರ ಕಳವಳ ವ್ಯಕ್ತಪಡಿಸಿರುವ ಮಕ್ಕಳ ಹಕ್ಕುಗಳ ಹೋರಾಟಗಾರರು, 'ಆರು ವರ್ಷದ ಮಗುವಿನ ಸಾವು ಆಘಾತ ಮತ್ತು ದುಃಖಕರ ಸಂಗತಿ. ಘಟನೆಗೆ ಕಾರಣರಾದ ಶಿಕ್ಷಕಿ ಹಾಗೂ ಶಾಲಾ ಆಡಳಿತ ಮಂಡಳಿಯ ವಿರುದ್ಧ ತಕ್ಷಣ ಕ್ರಮ ಕೈಗೊಳ್ಳಬೇಕು. ಸಂತ್ರಸ್ತ ಕುಟುಂಬಕ್ಕೆ ತಕ್ಷಣ ಪರಿಹಾರ ನೀಡಬೇಕು' ಎಂದು ಆಗ್ರಹಿಸಿದ್ದಾರೆ.
